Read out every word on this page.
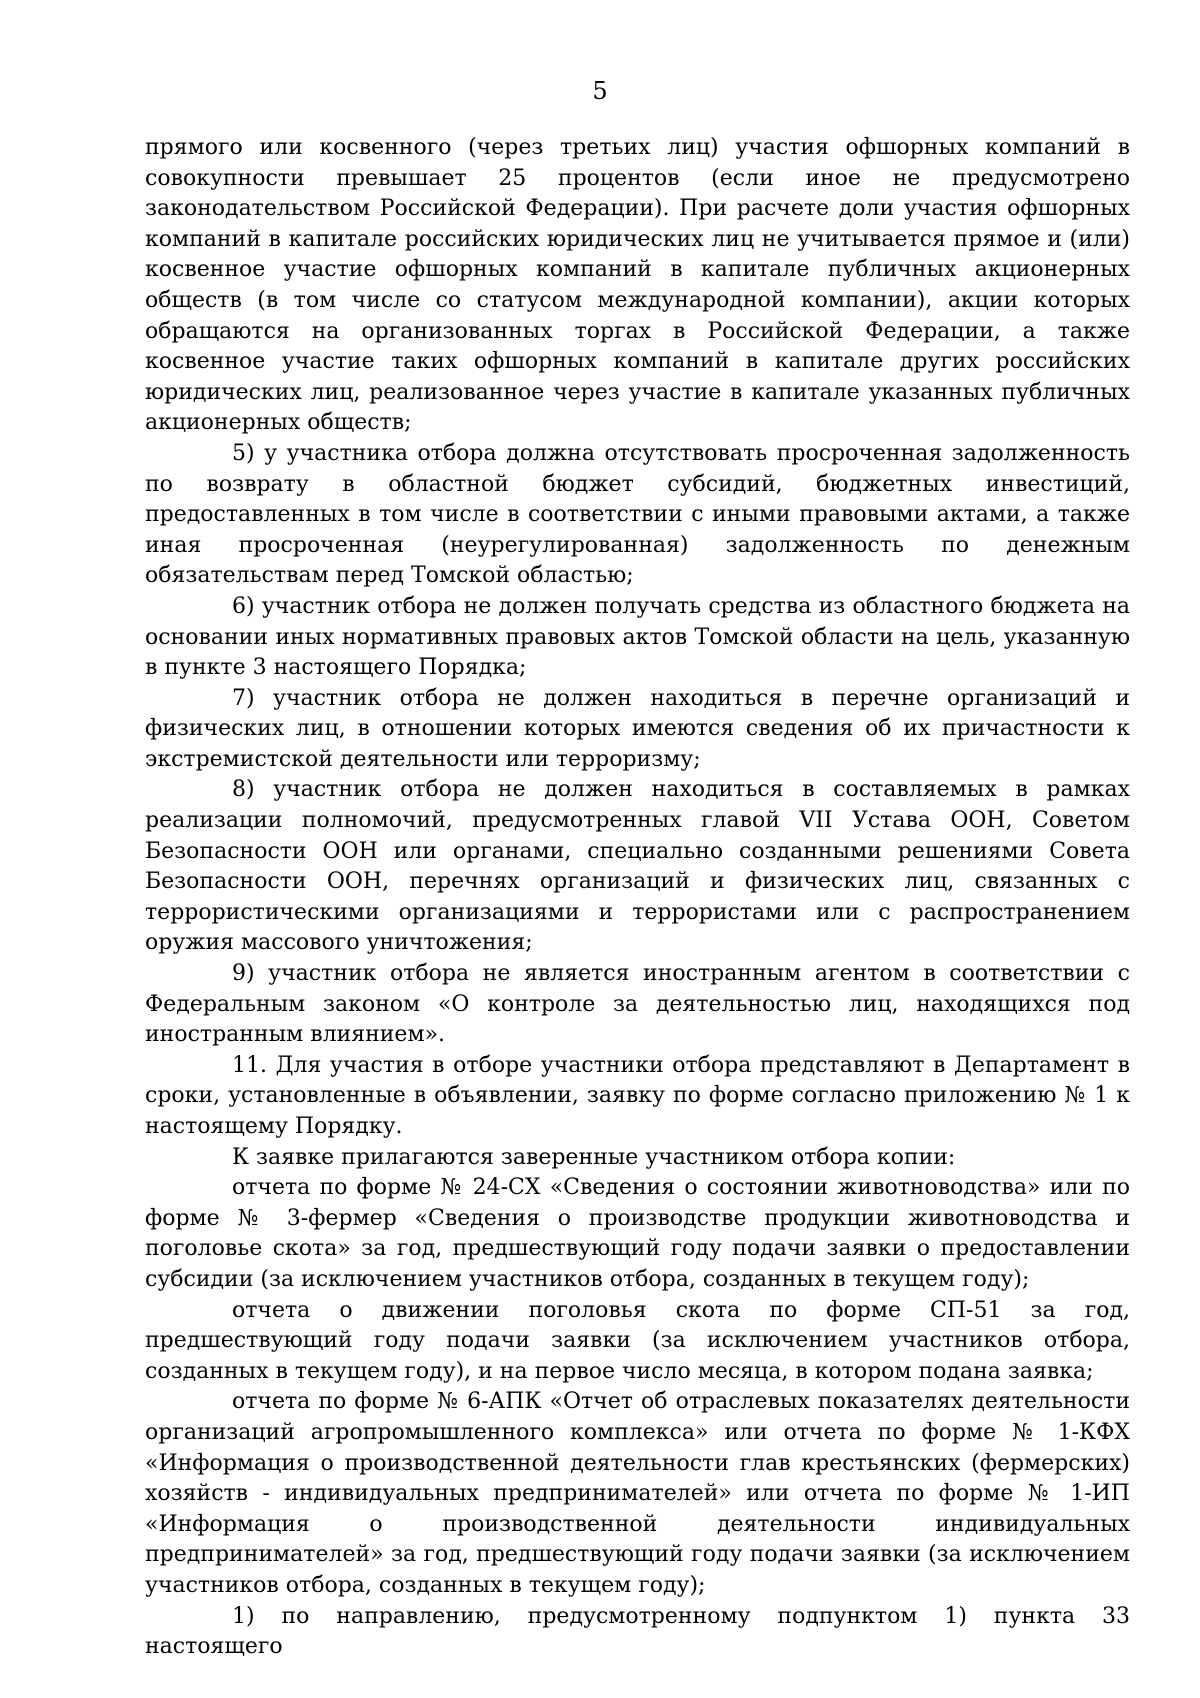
5

прямого или косвенного (через третьих лиц) участия офшорных компаний в совокупности превышает 25 процентов (если иное не предусмотрено законодательством Российской Федерации). При расчете доли участия офшорных компаний в капитале российских юридических лиц не учитывается прямое и (или) косвенное участие офшорных компаний в капитале публичных акционерных обществ (в том числе со статусом международной компании), акции которых обращаются на организованных торгах в Российской Федерации, а также косвенное участие таких офшорных компаний в капитале других российских юридических лиц, реализованное через участие в капитале указанных публичных акционерных обществ;

5) у участника отбора должна отсутствовать просроченная задолженность по возврату в областной бюджет субсидий, бюджетных инвестиций, предоставленных в том числе в соответствии с иными правовыми актами, а также иная просроченная (неурегулированная) задолженность по денежным обязательствам перед Томской областью;

6) участник отбора не должен получать средства из областного бюджета на основании иных нормативных правовых актов Томской области на цель, указанную в пункте 3 настоящего Порядка;

7) участник отбора не должен находиться в перечне организаций и физических лиц, в отношении которых имеются сведения об их причастности к экстремистской деятельности или терроризму;

8) участник отбора не должен находиться в составляемых в рамках реализации полномочий, предусмотренных главой VII Устава ООН, Советом Безопасности ООН или органами, специально созданными решениями Совета Безопасности ООН, перечнях организаций и физических лиц, связанных с террористическими организациями и террористами или с распространением оружия массового уничтожения;

9) участник отбора не является иностранным агентом в соответствии с Федеральным законом «О контроле за деятельностью лиц, находящихся под иностранным влиянием».

11. Для участия в отборе участники отбора представляют в Департамент в сроки, установленные в объявлении, заявку по форме согласно приложению № 1 к настоящему Порядку.

К заявке прилагаются заверенные участником отбора копии:

отчета по форме № 24-СХ «Сведения о состоянии животноводства» или по форме № 3-фермер «Сведения о производстве продукции животноводства и поголовье скота» за год, предшествующий году подачи заявки о предоставлении субсидии (за исключением участников отбора, созданных в текущем году);

отчета о движении поголовья скота по форме СП-51 за год, предшествующий году подачи заявки (за исключением участников отбора, созданных в текущем году), и на первое число месяца, в котором подана заявка;

отчета по форме № 6-АПК «Отчет об отраслевых показателях деятельности организаций агропромышленного комплекса» или отчета по форме № 1-КФХ «Информация о производственной деятельности глав крестьянских (фермерских) хозяйств - индивидуальных предпринимателей» или отчета по форме № 1-ИП «Информация о производственной деятельности индивидуальных предпринимателей» за год, предшествующий году подачи заявки (за исключением участников отбора, созданных в текущем году);

1) по направлению, предусмотренному подпунктом 1) пункта 33 настоящего
